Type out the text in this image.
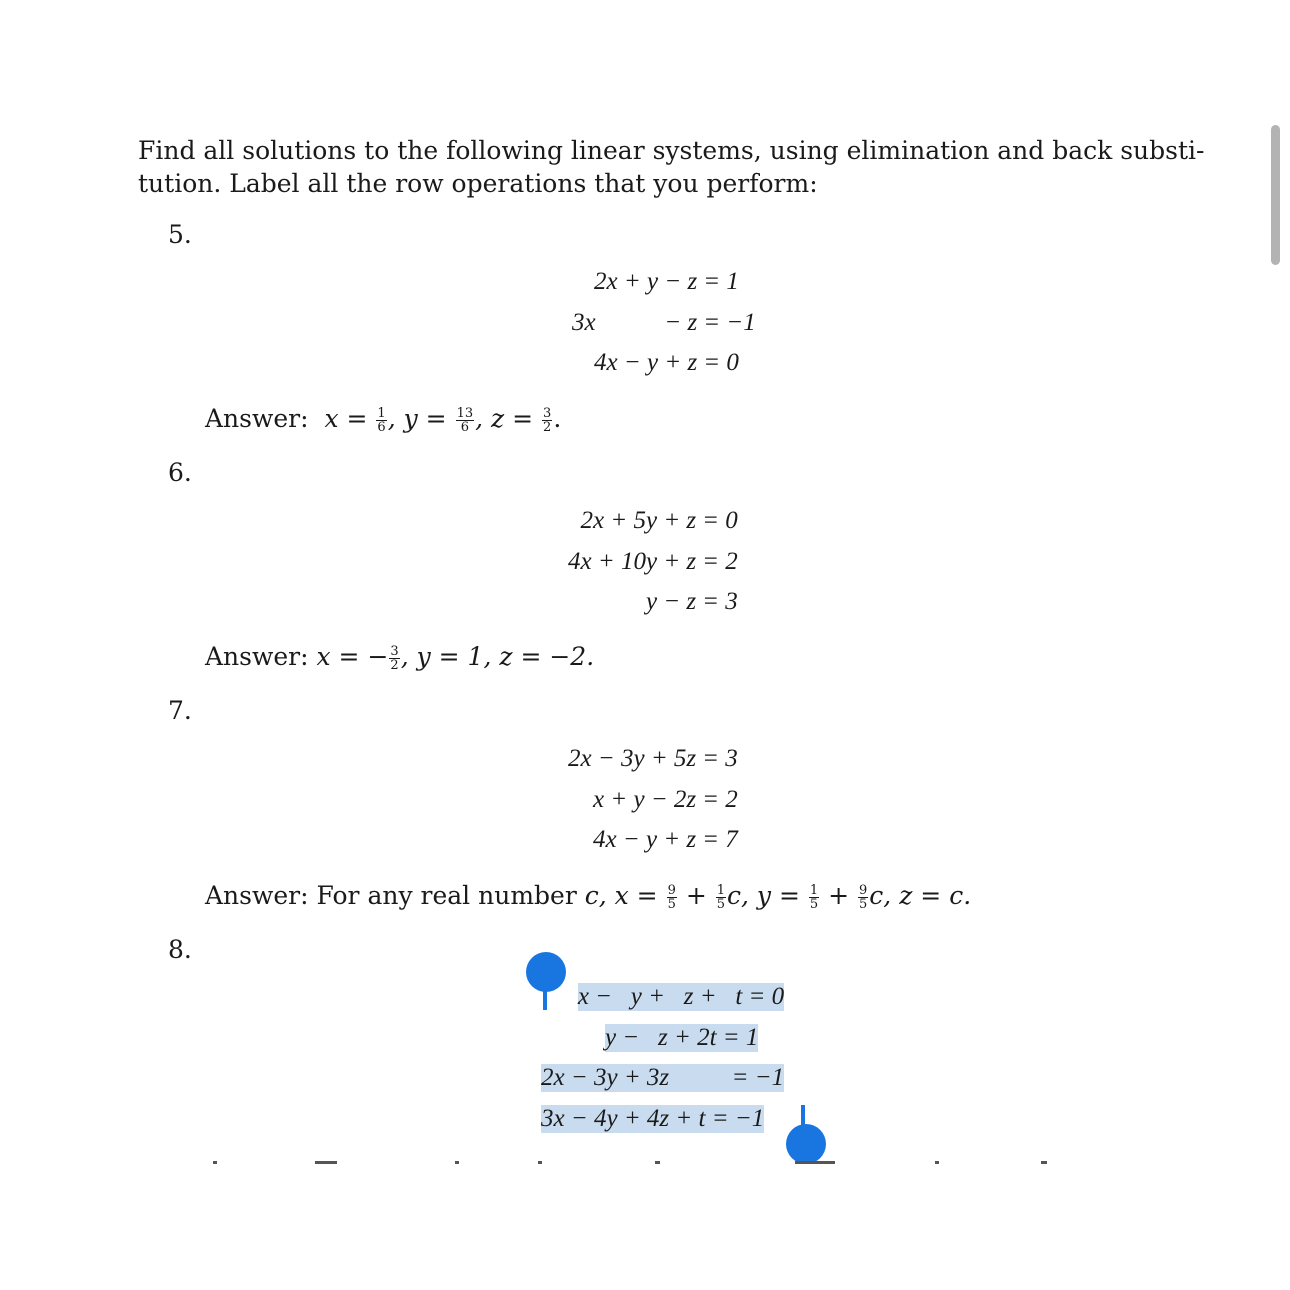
Find all solutions to the following linear systems, using elimination and back substi-
tution. Label all the row operations that you perform:
5.
2x + y − z	= 1
3x           − z	= −1
4x − y + z	= 0
Answer:  $x = \frac{1}{6}$ , $y = \frac{13}{6}$ , $z = \frac{3}{2}$ .
6.
2x + 5y + z	= 0
4x + 10y + z	= 2
y − z	= 3
Answer: x = − $\frac{3}{2}$ , y = 1, z = −2.
7.
2x − 3y + 5z	= 3
x + y − 2z	= 2
4x − y + z	= 7
Answer: For any real number c, $x = \frac{9}{5} + \frac{1}{5} c$, $y = \frac{1}{5} + \frac{9}{5} c$, z = c.
8.
x −   y +   z +   t = 0
y −   z + 2t = 1
2x − 3y + 3z	= −1
3x − 4y + 4z + t = −1
